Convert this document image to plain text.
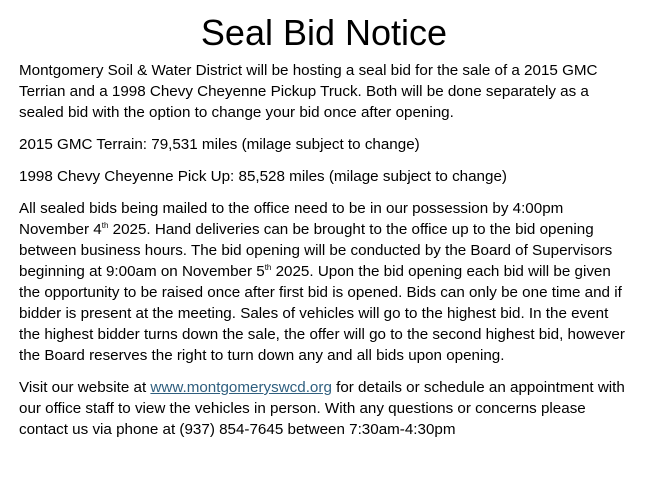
Seal Bid Notice

Montgomery Soil & Water District will be hosting a seal bid for the sale of a 2015 GMC Terrian and a 1998 Chevy Cheyenne Pickup Truck. Both will be done separately as a sealed bid with the option to change your bid once after opening.

2015 GMC Terrain: 79,531 miles (milage subject to change)

1998 Chevy Cheyenne Pick Up: 85,528 miles (milage subject to change)

All sealed bids being mailed to the office need to be in our possession by 4:00pm November 4th 2025. Hand deliveries can be brought to the office up to the bid opening between business hours. The bid opening will be conducted by the Board of Supervisors beginning at 9:00am on November 5th 2025. Upon the bid opening each bid will be given the opportunity to be raised once after first bid is opened. Bids can only be one time and if bidder is present at the meeting. Sales of vehicles will go to the highest bid. In the event the highest bidder turns down the sale, the offer will go to the second highest bid, however the Board reserves the right to turn down any and all bids upon opening.

Visit our website at www.montgomeryswcd.org for details or schedule an appointment with our office staff to view the vehicles in person. With any questions or concerns please contact us via phone at (937) 854-7645 between 7:30am-4:30pm
